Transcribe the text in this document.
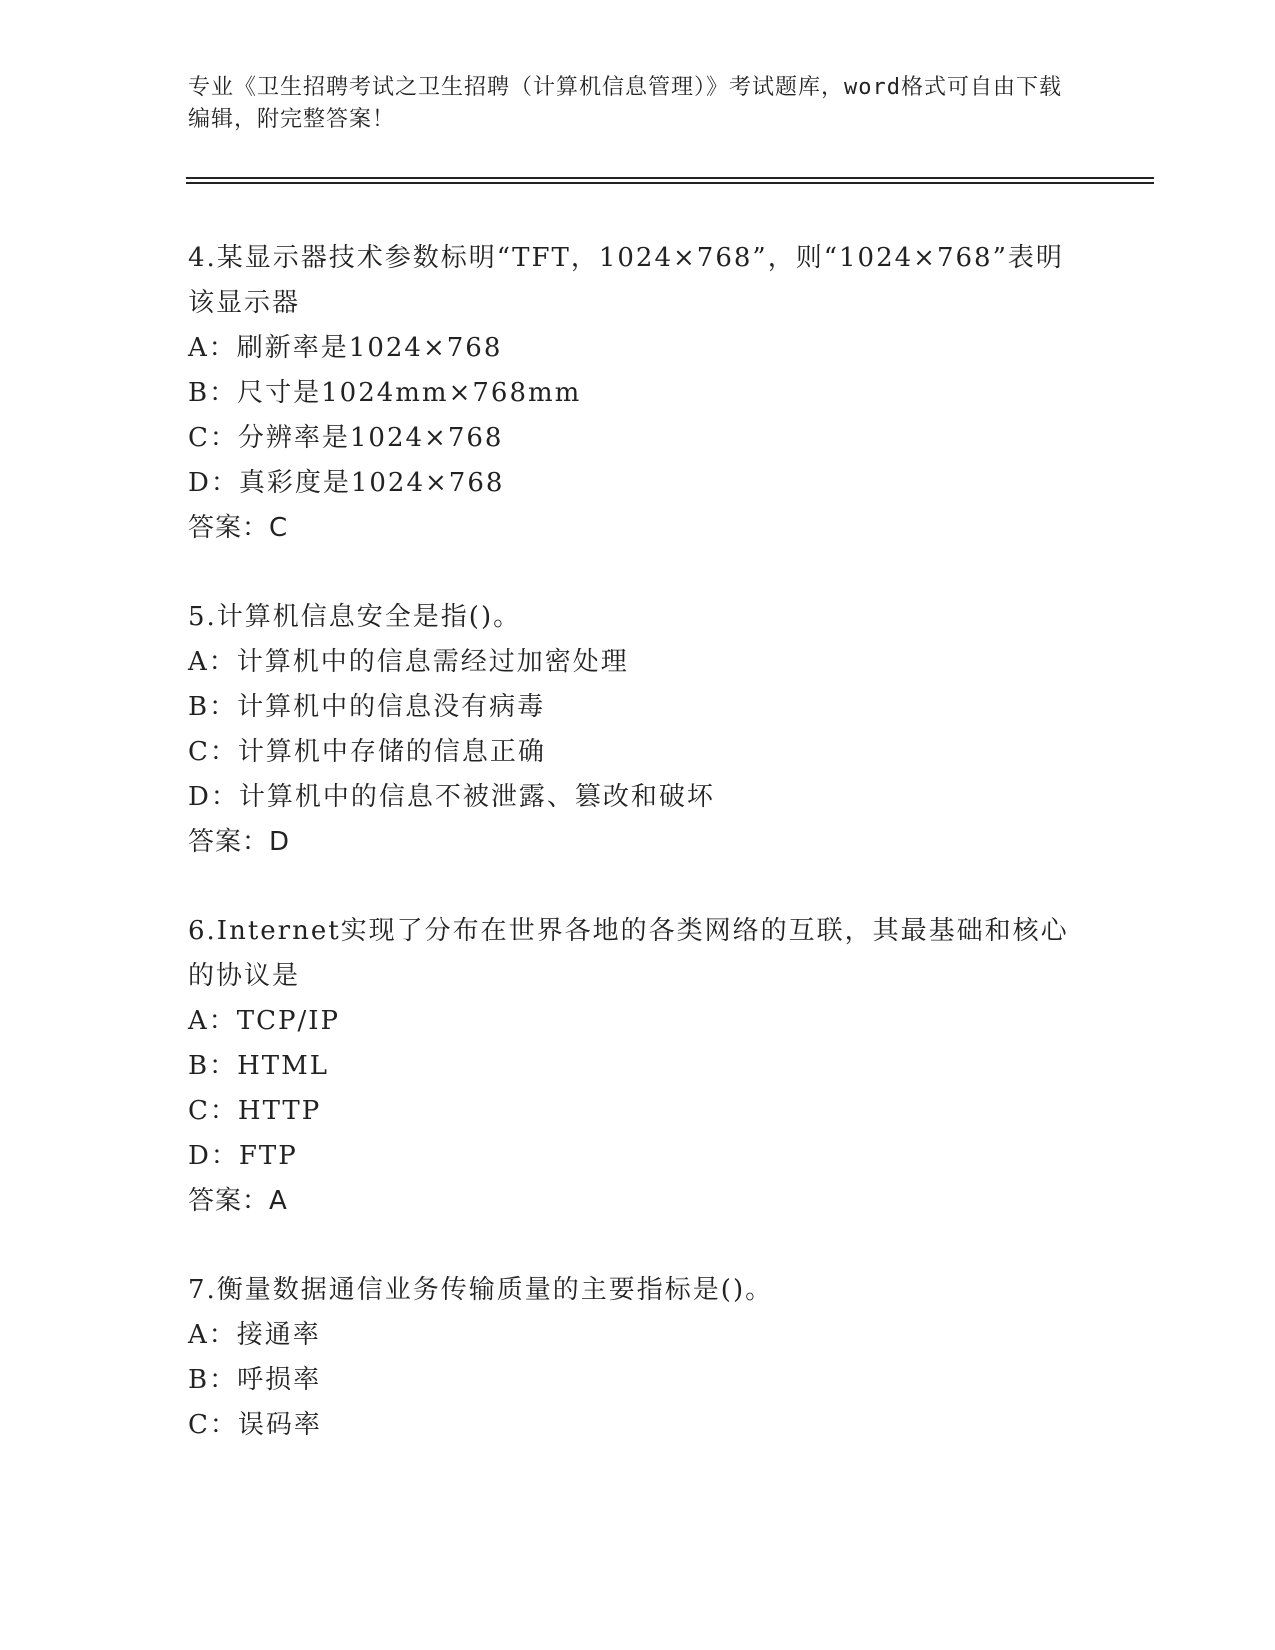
专业《卫生招聘考试之卫生招聘（计算机信息管理）》考试题库，word格式可自由下载编辑，附完整答案！
4.某显示器技术参数标明“TFT，1024×768”，则“1024×768”表明该显示器
A：刷新率是1024×768
B：尺寸是1024mm×768mm
C：分辨率是1024×768
D：真彩度是1024×768
答案：C
5.计算机信息安全是指()。
A：计算机中的信息需经过加密处理
B：计算机中的信息没有病毒
C：计算机中存储的信息正确
D：计算机中的信息不被泄露、篡改和破坏
答案：D
6.Internet实现了分布在世界各地的各类网络的互联，其最基础和核心的协议是
A：TCP/IP
B：HTML
C：HTTP
D：FTP
答案：A
7.衡量数据通信业务传输质量的主要指标是()。
A：接通率
B：呼损率
C：误码率
